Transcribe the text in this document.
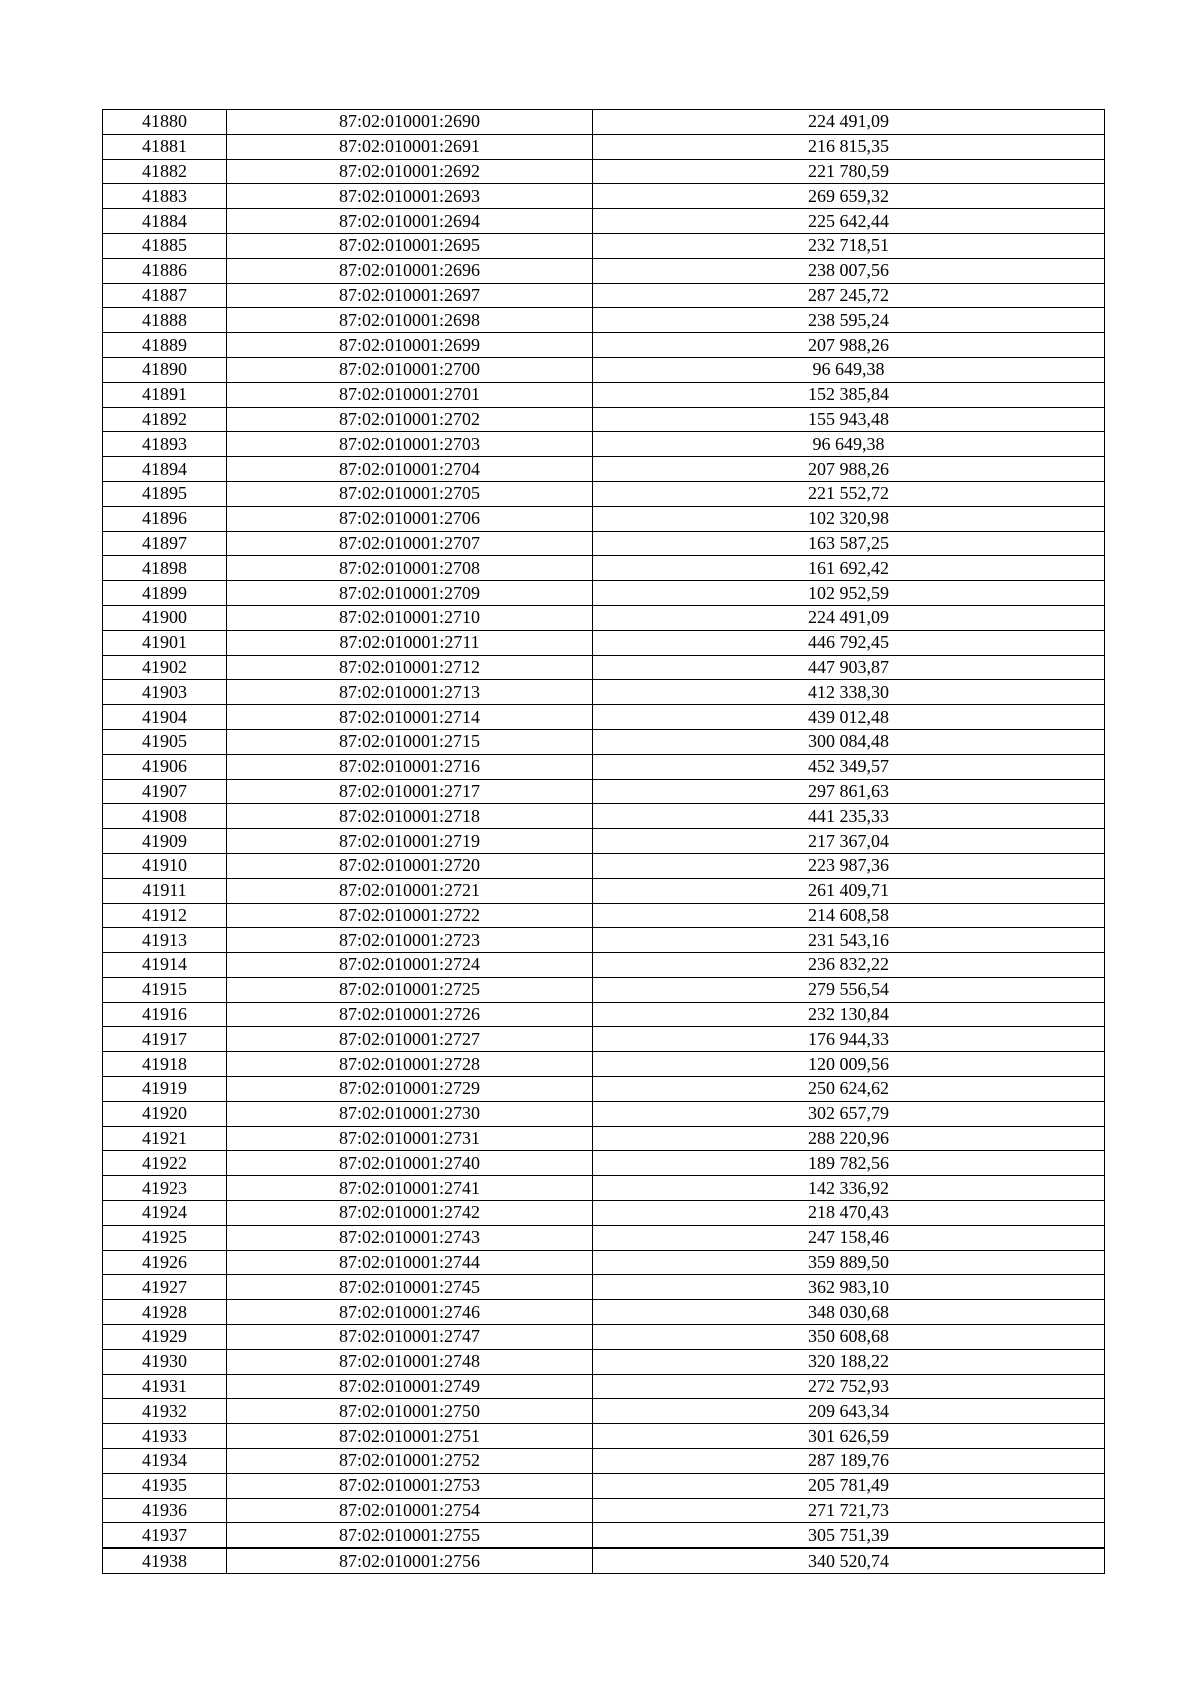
41880	87:02:010001:2690	224 491,09
41881	87:02:010001:2691	216 815,35
41882	87:02:010001:2692	221 780,59
41883	87:02:010001:2693	269 659,32
41884	87:02:010001:2694	225 642,44
41885	87:02:010001:2695	232 718,51
41886	87:02:010001:2696	238 007,56
41887	87:02:010001:2697	287 245,72
41888	87:02:010001:2698	238 595,24
41889	87:02:010001:2699	207 988,26
41890	87:02:010001:2700	96 649,38
41891	87:02:010001:2701	152 385,84
41892	87:02:010001:2702	155 943,48
41893	87:02:010001:2703	96 649,38
41894	87:02:010001:2704	207 988,26
41895	87:02:010001:2705	221 552,72
41896	87:02:010001:2706	102 320,98
41897	87:02:010001:2707	163 587,25
41898	87:02:010001:2708	161 692,42
41899	87:02:010001:2709	102 952,59
41900	87:02:010001:2710	224 491,09
41901	87:02:010001:2711	446 792,45
41902	87:02:010001:2712	447 903,87
41903	87:02:010001:2713	412 338,30
41904	87:02:010001:2714	439 012,48
41905	87:02:010001:2715	300 084,48
41906	87:02:010001:2716	452 349,57
41907	87:02:010001:2717	297 861,63
41908	87:02:010001:2718	441 235,33
41909	87:02:010001:2719	217 367,04
41910	87:02:010001:2720	223 987,36
41911	87:02:010001:2721	261 409,71
41912	87:02:010001:2722	214 608,58
41913	87:02:010001:2723	231 543,16
41914	87:02:010001:2724	236 832,22
41915	87:02:010001:2725	279 556,54
41916	87:02:010001:2726	232 130,84
41917	87:02:010001:2727	176 944,33
41918	87:02:010001:2728	120 009,56
41919	87:02:010001:2729	250 624,62
41920	87:02:010001:2730	302 657,79
41921	87:02:010001:2731	288 220,96
41922	87:02:010001:2740	189 782,56
41923	87:02:010001:2741	142 336,92
41924	87:02:010001:2742	218 470,43
41925	87:02:010001:2743	247 158,46
41926	87:02:010001:2744	359 889,50
41927	87:02:010001:2745	362 983,10
41928	87:02:010001:2746	348 030,68
41929	87:02:010001:2747	350 608,68
41930	87:02:010001:2748	320 188,22
41931	87:02:010001:2749	272 752,93
41932	87:02:010001:2750	209 643,34
41933	87:02:010001:2751	301 626,59
41934	87:02:010001:2752	287 189,76
41935	87:02:010001:2753	205 781,49
41936	87:02:010001:2754	271 721,73
41937	87:02:010001:2755	305 751,39
41938	87:02:010001:2756	340 520,74
